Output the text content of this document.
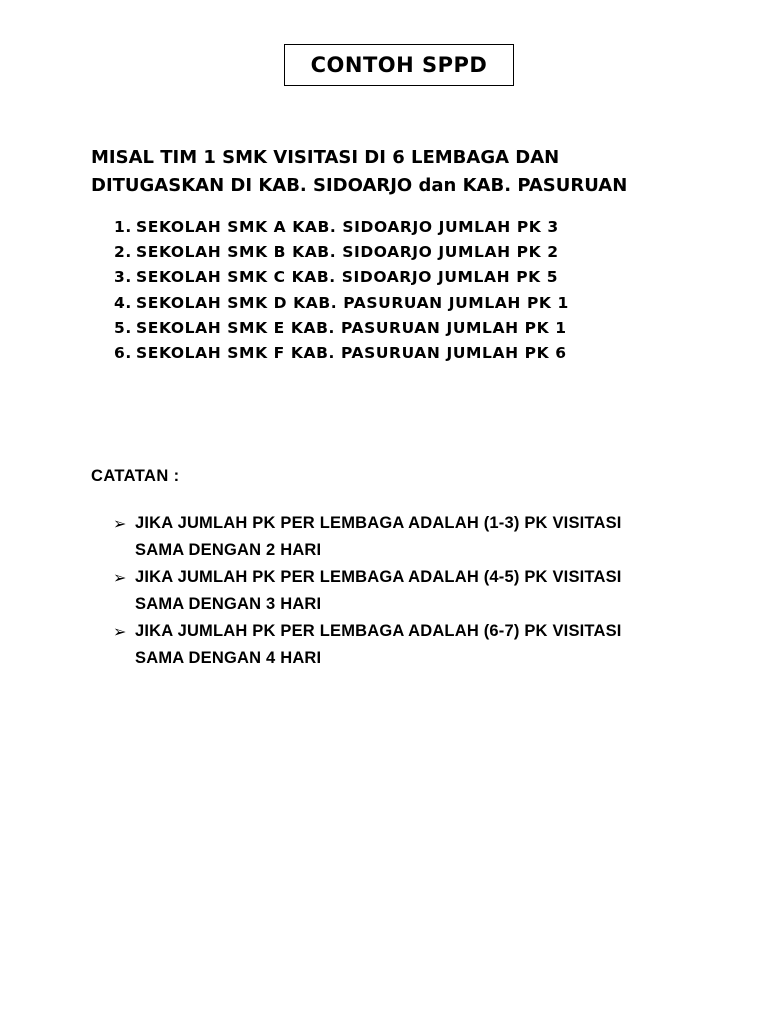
CONTOH SPPD
MISAL TIM 1 SMK VISITASI DI 6 LEMBAGA DAN
DITUGASKAN DI KAB. SIDOARJO dan KAB. PASURUAN
1. SEKOLAH SMK A KAB. SIDOARJO JUMLAH PK 3
2. SEKOLAH SMK B KAB. SIDOARJO JUMLAH PK 2
3. SEKOLAH SMK C KAB. SIDOARJO JUMLAH PK 5
4. SEKOLAH SMK D KAB. PASURUAN JUMLAH PK 1
5. SEKOLAH SMK E KAB. PASURUAN JUMLAH PK 1
6. SEKOLAH SMK F KAB. PASURUAN JUMLAH PK 6
CATATAN :
➢ JIKA JUMLAH PK PER LEMBAGA ADALAH (1-3) PK VISITASI
SAMA DENGAN 2 HARI
➢ JIKA JUMLAH PK PER LEMBAGA ADALAH (4-5) PK VISITASI
SAMA DENGAN 3 HARI
➢ JIKA JUMLAH PK PER LEMBAGA ADALAH (6-7) PK VISITASI
SAMA DENGAN 4 HARI
